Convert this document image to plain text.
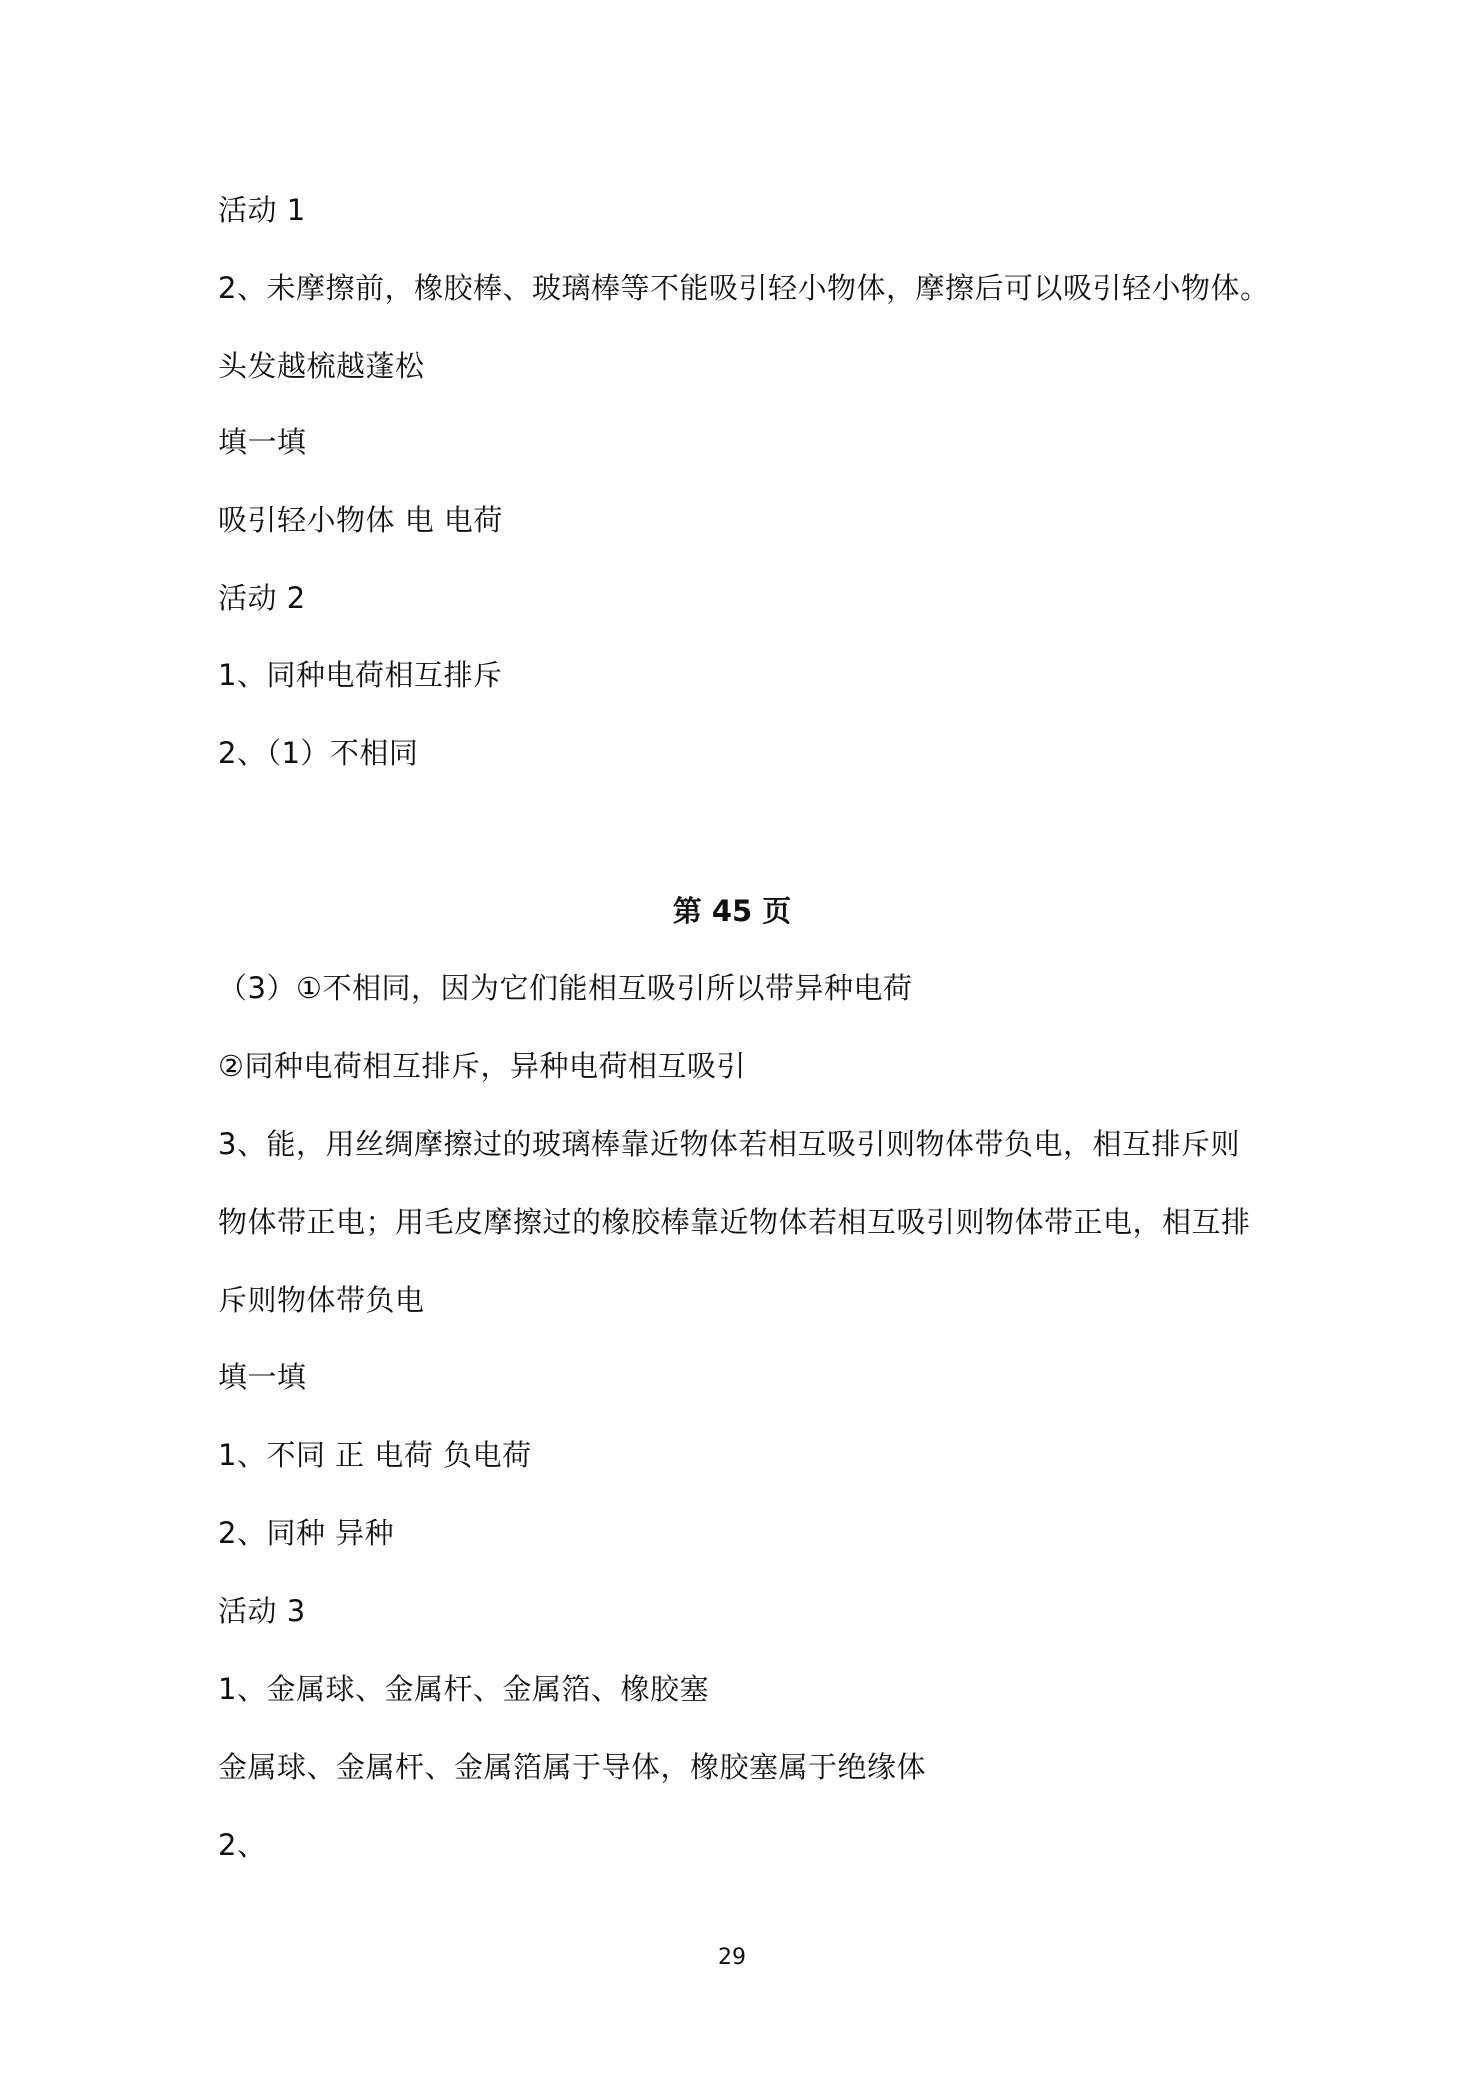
活动 1
2、未摩擦前，橡胶棒、玻璃棒等不能吸引轻小物体，摩擦后可以吸引轻小物体。
头发越梳越蓬松
填一填
吸引轻小物体 电 电荷
活动 2
1、同种电荷相互排斥
2、（1）不相同
第 45 页
（3）①不相同，因为它们能相互吸引所以带异种电荷
②同种电荷相互排斥，异种电荷相互吸引
3、能，用丝绸摩擦过的玻璃棒靠近物体若相互吸引则物体带负电，相互排斥则
物体带正电；用毛皮摩擦过的橡胶棒靠近物体若相互吸引则物体带正电，相互排
斥则物体带负电
填一填
1、不同 正 电荷 负电荷
2、同种 异种
活动 3
1、金属球、金属杆、金属箔、橡胶塞
金属球、金属杆、金属箔属于导体，橡胶塞属于绝缘体
2、
29
